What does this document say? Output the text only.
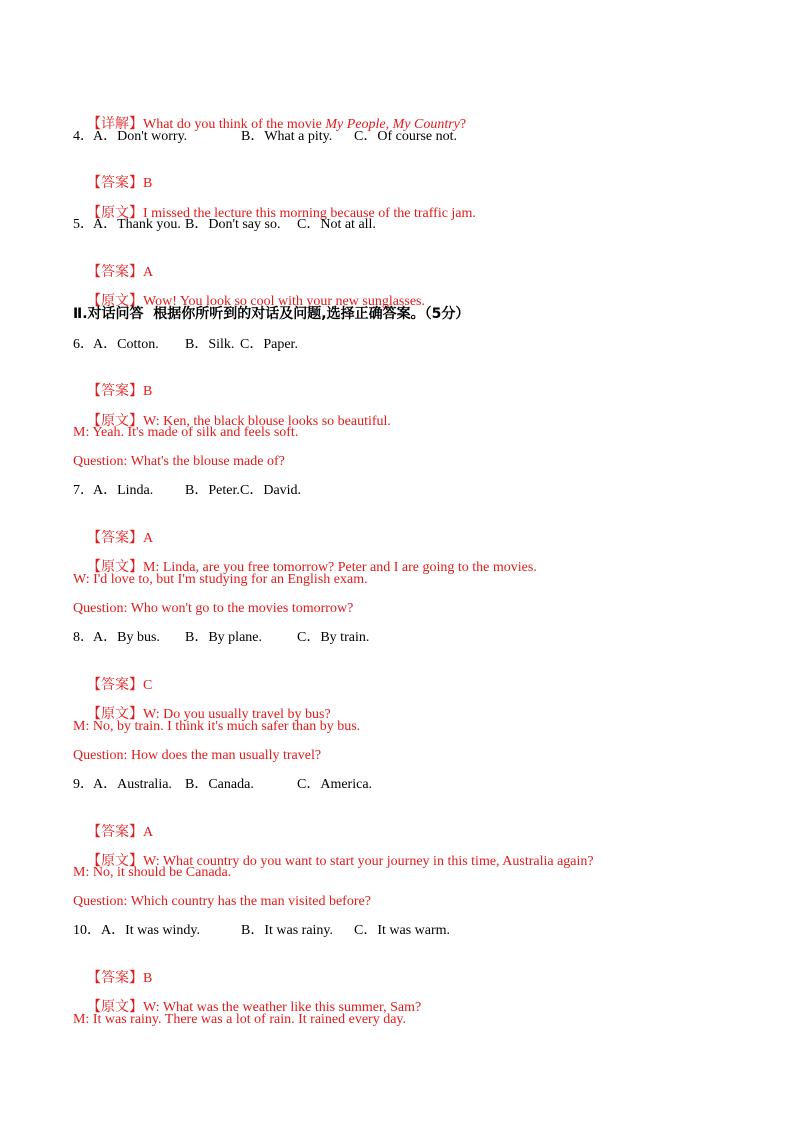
【详解】What do you think of the movie My People, My Country?

4．

A．Don't worry.

	B．What a pity.

C．Of course not.

【答案】B

【原文】I missed the lecture this morning because of the traffic jam.

5．

A．Thank you.

B．Don't say so.

C．Not at all.

【答案】A

【原文】Wow! You look so cool with your new sunglasses.

Ⅱ.对话问答  根据你所听到的对话及问题,选择正确答案。（5分）

6．

A．Cotton.

B．Silk.

C．Paper.

【答案】B

【原文】W: Ken, the black blouse looks so beautiful.

M: Yeah. It's made of silk and feels soft.
Question: What's the blouse made of?

7．

A．Linda.

B．Peter.

C．David.

【答案】A

【原文】M: Linda, are you free tomorrow? Peter and I are going to the movies.

W: I'd love to, but I'm studying for an English exam.
Question: Who won't go to the movies tomorrow?

8．

A．By bus.

B．By plane.

	C．By train.

【答案】C

【原文】W: Do you usually travel by bus?

M: No, by train. I think it's much safer than by bus.
Question: How does the man usually travel?

9．

A．Australia.

B．Canada.

	C．America.

【答案】A

【原文】W: What country do you want to start your journey in this time, Australia again?

M: No, it should be Canada.
Question: Which country has the man visited before?

10．

A．It was windy.

	B．It was rainy.

C．It was warm.

【答案】B

【原文】W: What was the weather like this summer, Sam?

M: It was rainy. There was a lot of rain. It rained every day.
